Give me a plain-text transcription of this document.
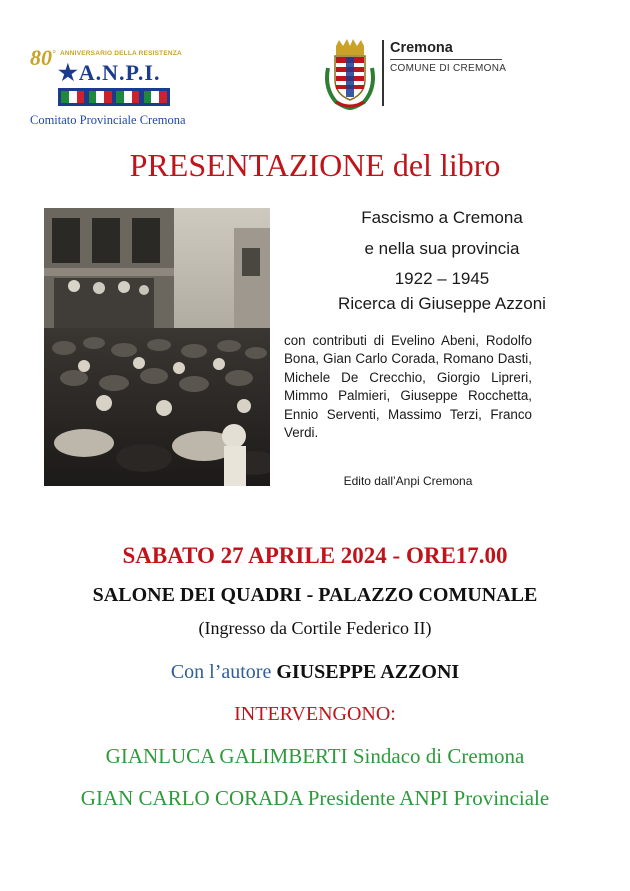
80° ANNIVERSARIO DELLA RESISTENZA
★A.N.P.I.
Comitato Provinciale Cremona
Cremona
COMUNE DI CREMONA
PRESENTAZIONE del libro
Fascismo a Cremona
e nella sua provincia
1922 – 1945
Ricerca di Giuseppe Azzoni
con contributi di Evelino Abeni, Rodolfo Bona, Gian Carlo Corada, Romano Dasti, Michele De Crecchio, Giorgio Lipreri, Mimmo Palmieri, Giuseppe Rocchetta, Ennio Serventi, Massimo Terzi, Franco Verdi.
Edito dall’Anpi Cremona
SABATO 27 APRILE 2024 - ORE17.00
SALONE DEI QUADRI - PALAZZO COMUNALE
(Ingresso da Cortile Federico II)
Con l’autore GIUSEPPE AZZONI
INTERVENGONO:
GIANLUCA GALIMBERTI Sindaco di Cremona
GIAN CARLO CORADA Presidente ANPI Provinciale
